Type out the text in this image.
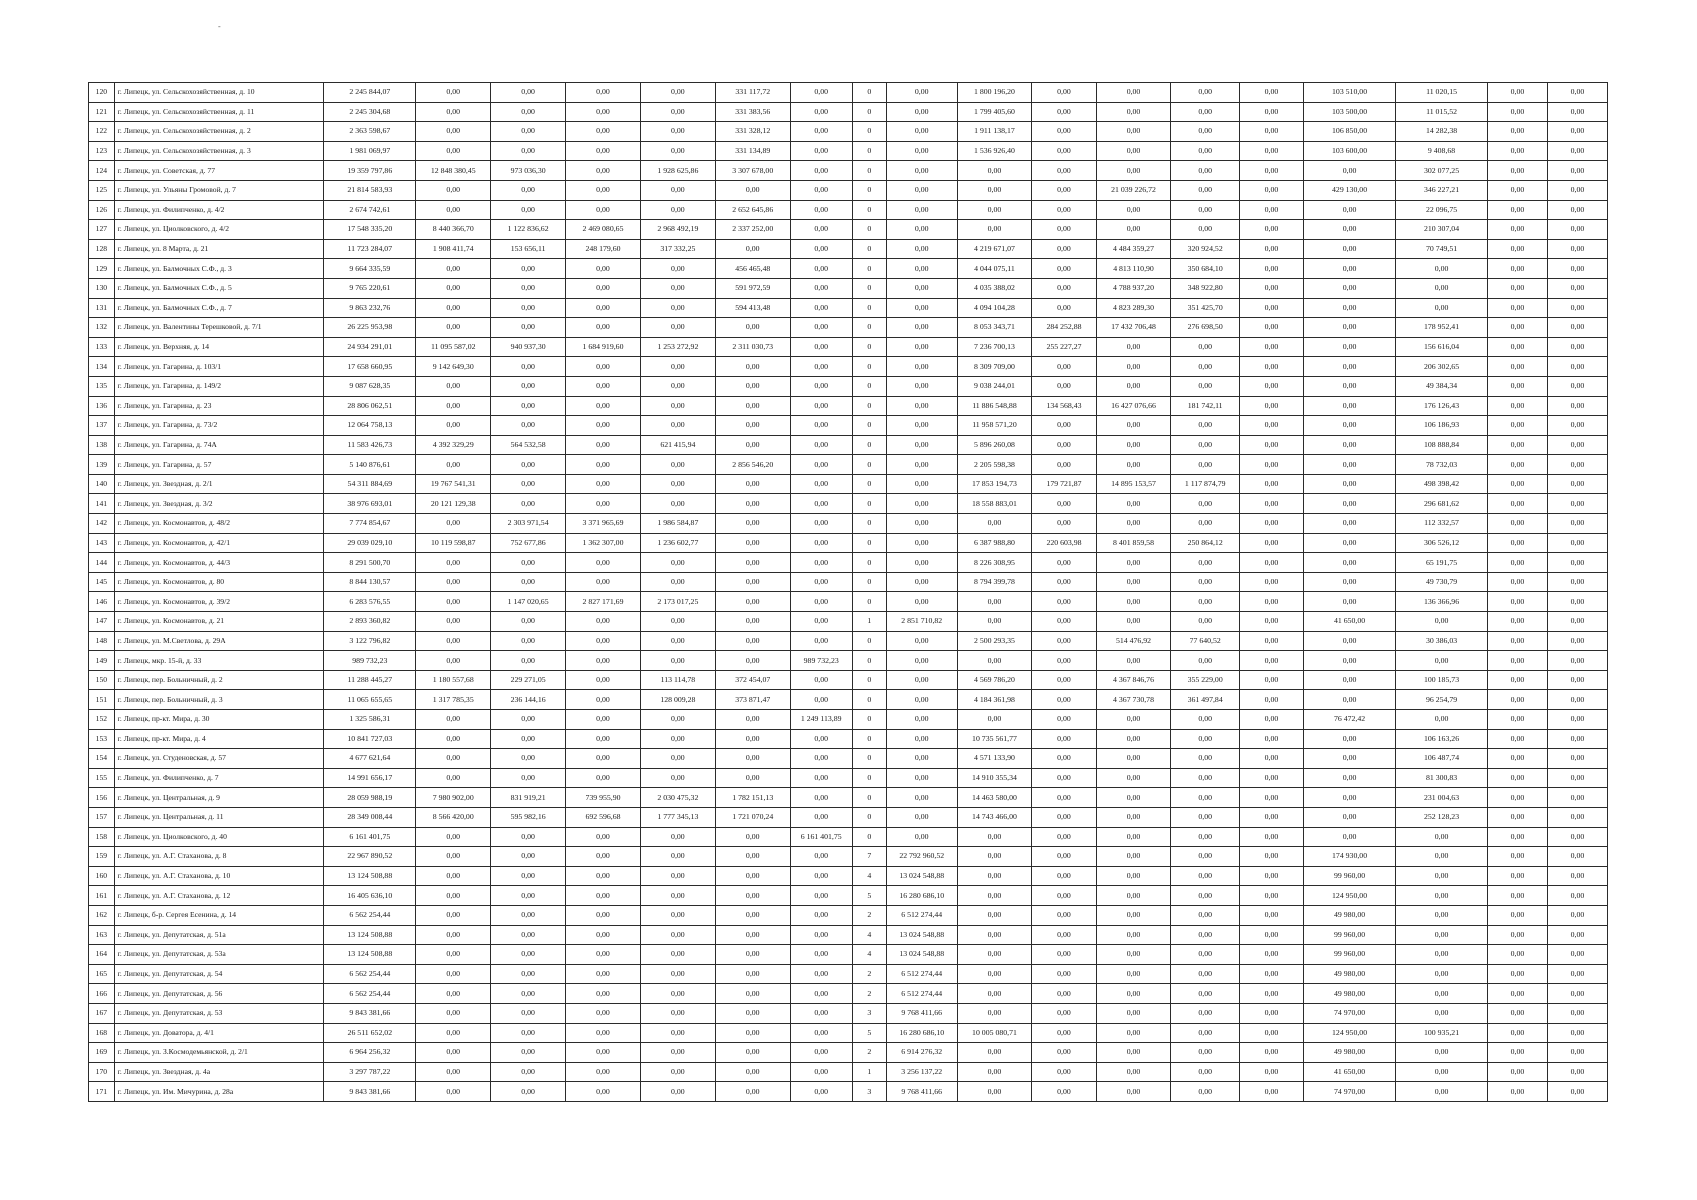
-
120	г. Липецк, ул. Сельскохозяйственная, д. 10	2 245 844,07	0,00	0,00	0,00	0,00	331 117,72	0,00	0	0,00	1 800 196,20	0,00	0,00	0,00	0,00	103 510,00	11 020,15	0,00	0,00
121	г. Липецк, ул. Сельскохозяйственная, д. 11	2 245 304,68	0,00	0,00	0,00	0,00	331 383,56	0,00	0	0,00	1 799 405,60	0,00	0,00	0,00	0,00	103 500,00	11 015,52	0,00	0,00
122	г. Липецк, ул. Сельскохозяйственная, д. 2	2 363 598,67	0,00	0,00	0,00	0,00	331 328,12	0,00	0	0,00	1 911 138,17	0,00	0,00	0,00	0,00	106 850,00	14 282,38	0,00	0,00
123	г. Липецк, ул. Сельскохозяйственная, д. 3	1 981 069,97	0,00	0,00	0,00	0,00	331 134,89	0,00	0	0,00	1 536 926,40	0,00	0,00	0,00	0,00	103 600,00	9 408,68	0,00	0,00
124	г. Липецк, ул. Советская, д. 77	19 359 797,86	12 848 380,45	973 036,30	0,00	1 928 625,86	3 307 678,00	0,00	0	0,00	0,00	0,00	0,00	0,00	0,00	0,00	302 077,25	0,00	0,00
125	г. Липецк, ул. Ульяны Громовой, д. 7	21 814 583,93	0,00	0,00	0,00	0,00	0,00	0,00	0	0,00	0,00	0,00	21 039 226,72	0,00	0,00	429 130,00	346 227,21	0,00	0,00
126	г. Липецк, ул. Филипченко, д. 4/2	2 674 742,61	0,00	0,00	0,00	0,00	2 652 645,86	0,00	0	0,00	0,00	0,00	0,00	0,00	0,00	0,00	22 096,75	0,00	0,00
127	г. Липецк, ул. Циолковского, д. 4/2	17 548 335,20	8 440 366,70	1 122 836,62	2 469 080,65	2 968 492,19	2 337 252,00	0,00	0	0,00	0,00	0,00	0,00	0,00	0,00	0,00	210 307,04	0,00	0,00
128	г. Липецк, ул. 8 Марта, д. 21	11 723 284,07	1 908 411,74	153 656,11	248 179,60	317 332,25	0,00	0,00	0	0,00	4 219 671,07	0,00	4 484 359,27	320 924,52	0,00	0,00	70 749,51	0,00	0,00
129	г. Липецк, ул. Балмочных С.Ф., д. 3	9 664 335,59	0,00	0,00	0,00	0,00	456 465,48	0,00	0	0,00	4 044 075,11	0,00	4 813 110,90	350 684,10	0,00	0,00	0,00	0,00	0,00
130	г. Липецк, ул. Балмочных С.Ф., д. 5	9 765 220,61	0,00	0,00	0,00	0,00	591 972,59	0,00	0	0,00	4 035 388,02	0,00	4 788 937,20	348 922,80	0,00	0,00	0,00	0,00	0,00
131	г. Липецк, ул. Балмочных С.Ф., д. 7	9 863 232,76	0,00	0,00	0,00	0,00	594 413,48	0,00	0	0,00	4 094 104,28	0,00	4 823 289,30	351 425,70	0,00	0,00	0,00	0,00	0,00
132	г. Липецк, ул. Валентины Терешковой, д. 7/1	26 225 953,98	0,00	0,00	0,00	0,00	0,00	0,00	0	0,00	8 053 343,71	284 252,88	17 432 706,48	276 698,50	0,00	0,00	178 952,41	0,00	0,00
133	г. Липецк, ул. Верхняя, д. 14	24 934 291,01	11 095 587,02	940 937,30	1 684 919,60	1 253 272,92	2 311 030,73	0,00	0	0,00	7 236 700,13	255 227,27	0,00	0,00	0,00	0,00	156 616,04	0,00	0,00
134	г. Липецк, ул. Гагарина, д. 103/1	17 658 660,95	9 142 649,30	0,00	0,00	0,00	0,00	0,00	0	0,00	8 309 709,00	0,00	0,00	0,00	0,00	0,00	206 302,65	0,00	0,00
135	г. Липецк, ул. Гагарина, д. 149/2	9 087 628,35	0,00	0,00	0,00	0,00	0,00	0,00	0	0,00	9 038 244,01	0,00	0,00	0,00	0,00	0,00	49 384,34	0,00	0,00
136	г. Липецк, ул. Гагарина, д. 23	28 806 062,51	0,00	0,00	0,00	0,00	0,00	0,00	0	0,00	11 886 548,88	134 568,43	16 427 076,66	181 742,11	0,00	0,00	176 126,43	0,00	0,00
137	г. Липецк, ул. Гагарина, д. 73/2	12 064 758,13	0,00	0,00	0,00	0,00	0,00	0,00	0	0,00	11 958 571,20	0,00	0,00	0,00	0,00	0,00	106 186,93	0,00	0,00
138	г. Липецк, ул. Гагарина, д. 74А	11 583 426,73	4 392 329,29	564 532,58	0,00	621 415,94	0,00	0,00	0	0,00	5 896 260,08	0,00	0,00	0,00	0,00	0,00	108 888,84	0,00	0,00
139	г. Липецк, ул. Гагарина, д. 57	5 140 876,61	0,00	0,00	0,00	0,00	2 856 546,20	0,00	0	0,00	2 205 598,38	0,00	0,00	0,00	0,00	0,00	78 732,03	0,00	0,00
140	г. Липецк, ул. Звездная, д. 2/1	54 311 884,69	19 767 541,31	0,00	0,00	0,00	0,00	0,00	0	0,00	17 853 194,73	179 721,87	14 895 153,57	1 117 874,79	0,00	0,00	498 398,42	0,00	0,00
141	г. Липецк, ул. Звездная, д. 3/2	38 976 693,01	20 121 129,38	0,00	0,00	0,00	0,00	0,00	0	0,00	18 558 883,01	0,00	0,00	0,00	0,00	0,00	296 681,62	0,00	0,00
142	г. Липецк, ул. Космонавтов, д. 48/2	7 774 854,67	0,00	2 303 971,54	3 371 965,69	1 986 584,87	0,00	0,00	0	0,00	0,00	0,00	0,00	0,00	0,00	0,00	112 332,57	0,00	0,00
143	г. Липецк, ул. Космонавтов, д. 42/1	29 039 029,10	10 119 598,87	752 677,86	1 362 307,00	1 236 602,77	0,00	0,00	0	0,00	6 387 988,80	220 603,98	8 401 859,58	250 864,12	0,00	0,00	306 526,12	0,00	0,00
144	г. Липецк, ул. Космонавтов, д. 44/3	8 291 500,70	0,00	0,00	0,00	0,00	0,00	0,00	0	0,00	8 226 308,95	0,00	0,00	0,00	0,00	0,00	65 191,75	0,00	0,00
145	г. Липецк, ул. Космонавтов, д. 80	8 844 130,57	0,00	0,00	0,00	0,00	0,00	0,00	0	0,00	8 794 399,78	0,00	0,00	0,00	0,00	0,00	49 730,79	0,00	0,00
146	г. Липецк, ул. Космонавтов, д. 39/2	6 283 576,55	0,00	1 147 020,65	2 827 171,69	2 173 017,25	0,00	0,00	0	0,00	0,00	0,00	0,00	0,00	0,00	0,00	136 366,96	0,00	0,00
147	г. Липецк, ул. Космонавтов, д. 21	2 893 360,82	0,00	0,00	0,00	0,00	0,00	0,00	1	2 851 710,82	0,00	0,00	0,00	0,00	0,00	41 650,00	0,00	0,00	0,00
148	г. Липецк, ул. М.Светлова, д. 29А	3 122 796,82	0,00	0,00	0,00	0,00	0,00	0,00	0	0,00	2 500 293,35	0,00	514 476,92	77 640,52	0,00	0,00	30 386,03	0,00	0,00
149	г. Липецк, мкр. 15-й, д. 33	989 732,23	0,00	0,00	0,00	0,00	0,00	989 732,23	0	0,00	0,00	0,00	0,00	0,00	0,00	0,00	0,00	0,00	0,00
150	г. Липецк, пер. Больничный, д. 2	11 288 445,27	1 180 557,68	229 271,05	0,00	113 114,78	372 454,07	0,00	0	0,00	4 569 786,20	0,00	4 367 846,76	355 229,00	0,00	0,00	100 185,73	0,00	0,00
151	г. Липецк, пер. Больничный, д. 3	11 065 655,65	1 317 785,35	236 144,16	0,00	128 009,28	373 871,47	0,00	0	0,00	4 184 361,98	0,00	4 367 730,78	361 497,84	0,00	0,00	96 254,79	0,00	0,00
152	г. Липецк, пр-кт. Мира, д. 30	1 325 586,31	0,00	0,00	0,00	0,00	0,00	1 249 113,89	0	0,00	0,00	0,00	0,00	0,00	0,00	76 472,42	0,00	0,00	0,00
153	г. Липецк, пр-кт. Мира, д. 4	10 841 727,03	0,00	0,00	0,00	0,00	0,00	0,00	0	0,00	10 735 561,77	0,00	0,00	0,00	0,00	0,00	106 163,26	0,00	0,00
154	г. Липецк, ул. Студеновская, д. 57	4 677 621,64	0,00	0,00	0,00	0,00	0,00	0,00	0	0,00	4 571 133,90	0,00	0,00	0,00	0,00	0,00	106 487,74	0,00	0,00
155	г. Липецк, ул. Филипченко, д. 7	14 991 656,17	0,00	0,00	0,00	0,00	0,00	0,00	0	0,00	14 910 355,34	0,00	0,00	0,00	0,00	0,00	81 300,83	0,00	0,00
156	г. Липецк, ул. Центральная, д. 9	28 059 988,19	7 980 902,00	831 919,21	739 955,90	2 030 475,32	1 782 151,13	0,00	0	0,00	14 463 580,00	0,00	0,00	0,00	0,00	0,00	231 004,63	0,00	0,00
157	г. Липецк, ул. Центральная, д. 11	28 349 008,44	8 566 420,00	595 982,16	692 596,68	1 777 345,13	1 721 070,24	0,00	0	0,00	14 743 466,00	0,00	0,00	0,00	0,00	0,00	252 128,23	0,00	0,00
158	г. Липецк, ул. Циолковского, д. 40	6 161 401,75	0,00	0,00	0,00	0,00	0,00	6 161 401,75	0	0,00	0,00	0,00	0,00	0,00	0,00	0,00	0,00	0,00	0,00
159	г. Липецк, ул. А.Г. Стаханова, д. 8	22 967 890,52	0,00	0,00	0,00	0,00	0,00	0,00	7	22 792 960,52	0,00	0,00	0,00	0,00	0,00	174 930,00	0,00	0,00	0,00
160	г. Липецк, ул. А.Г. Стаханова, д. 10	13 124 508,88	0,00	0,00	0,00	0,00	0,00	0,00	4	13 024 548,88	0,00	0,00	0,00	0,00	0,00	99 960,00	0,00	0,00	0,00
161	г. Липецк, ул. А.Г. Стаханова, д. 12	16 405 636,10	0,00	0,00	0,00	0,00	0,00	0,00	5	16 280 686,10	0,00	0,00	0,00	0,00	0,00	124 950,00	0,00	0,00	0,00
162	г. Липецк, б-р. Сергея Есенина, д. 14	6 562 254,44	0,00	0,00	0,00	0,00	0,00	0,00	2	6 512 274,44	0,00	0,00	0,00	0,00	0,00	49 980,00	0,00	0,00	0,00
163	г. Липецк, ул. Депутатская, д. 51а	13 124 508,88	0,00	0,00	0,00	0,00	0,00	0,00	4	13 024 548,88	0,00	0,00	0,00	0,00	0,00	99 960,00	0,00	0,00	0,00
164	г. Липецк, ул. Депутатская, д. 53а	13 124 508,88	0,00	0,00	0,00	0,00	0,00	0,00	4	13 024 548,88	0,00	0,00	0,00	0,00	0,00	99 960,00	0,00	0,00	0,00
165	г. Липецк, ул. Депутатская, д. 54	6 562 254,44	0,00	0,00	0,00	0,00	0,00	0,00	2	6 512 274,44	0,00	0,00	0,00	0,00	0,00	49 980,00	0,00	0,00	0,00
166	г. Липецк, ул. Депутатская, д. 56	6 562 254,44	0,00	0,00	0,00	0,00	0,00	0,00	2	6 512 274,44	0,00	0,00	0,00	0,00	0,00	49 980,00	0,00	0,00	0,00
167	г. Липецк, ул. Депутатская, д. 53	9 843 381,66	0,00	0,00	0,00	0,00	0,00	0,00	3	9 768 411,66	0,00	0,00	0,00	0,00	0,00	74 970,00	0,00	0,00	0,00
168	г. Липецк, ул. Доватора, д. 4/1	26 511 652,02	0,00	0,00	0,00	0,00	0,00	0,00	5	16 280 686,10	10 005 080,71	0,00	0,00	0,00	0,00	124 950,00	100 935,21	0,00	0,00
169	г. Липецк, ул. З.Космодемьянской, д. 2/1	6 964 256,32	0,00	0,00	0,00	0,00	0,00	0,00	2	6 914 276,32	0,00	0,00	0,00	0,00	0,00	49 980,00	0,00	0,00	0,00
170	г. Липецк, ул. Звездная, д. 4а	3 297 787,22	0,00	0,00	0,00	0,00	0,00	0,00	1	3 256 137,22	0,00	0,00	0,00	0,00	0,00	41 650,00	0,00	0,00	0,00
171	г. Липецк, ул. Им. Мичурина, д. 28а	9 843 381,66	0,00	0,00	0,00	0,00	0,00	0,00	3	9 768 411,66	0,00	0,00	0,00	0,00	0,00	74 970,00	0,00	0,00	0,00
